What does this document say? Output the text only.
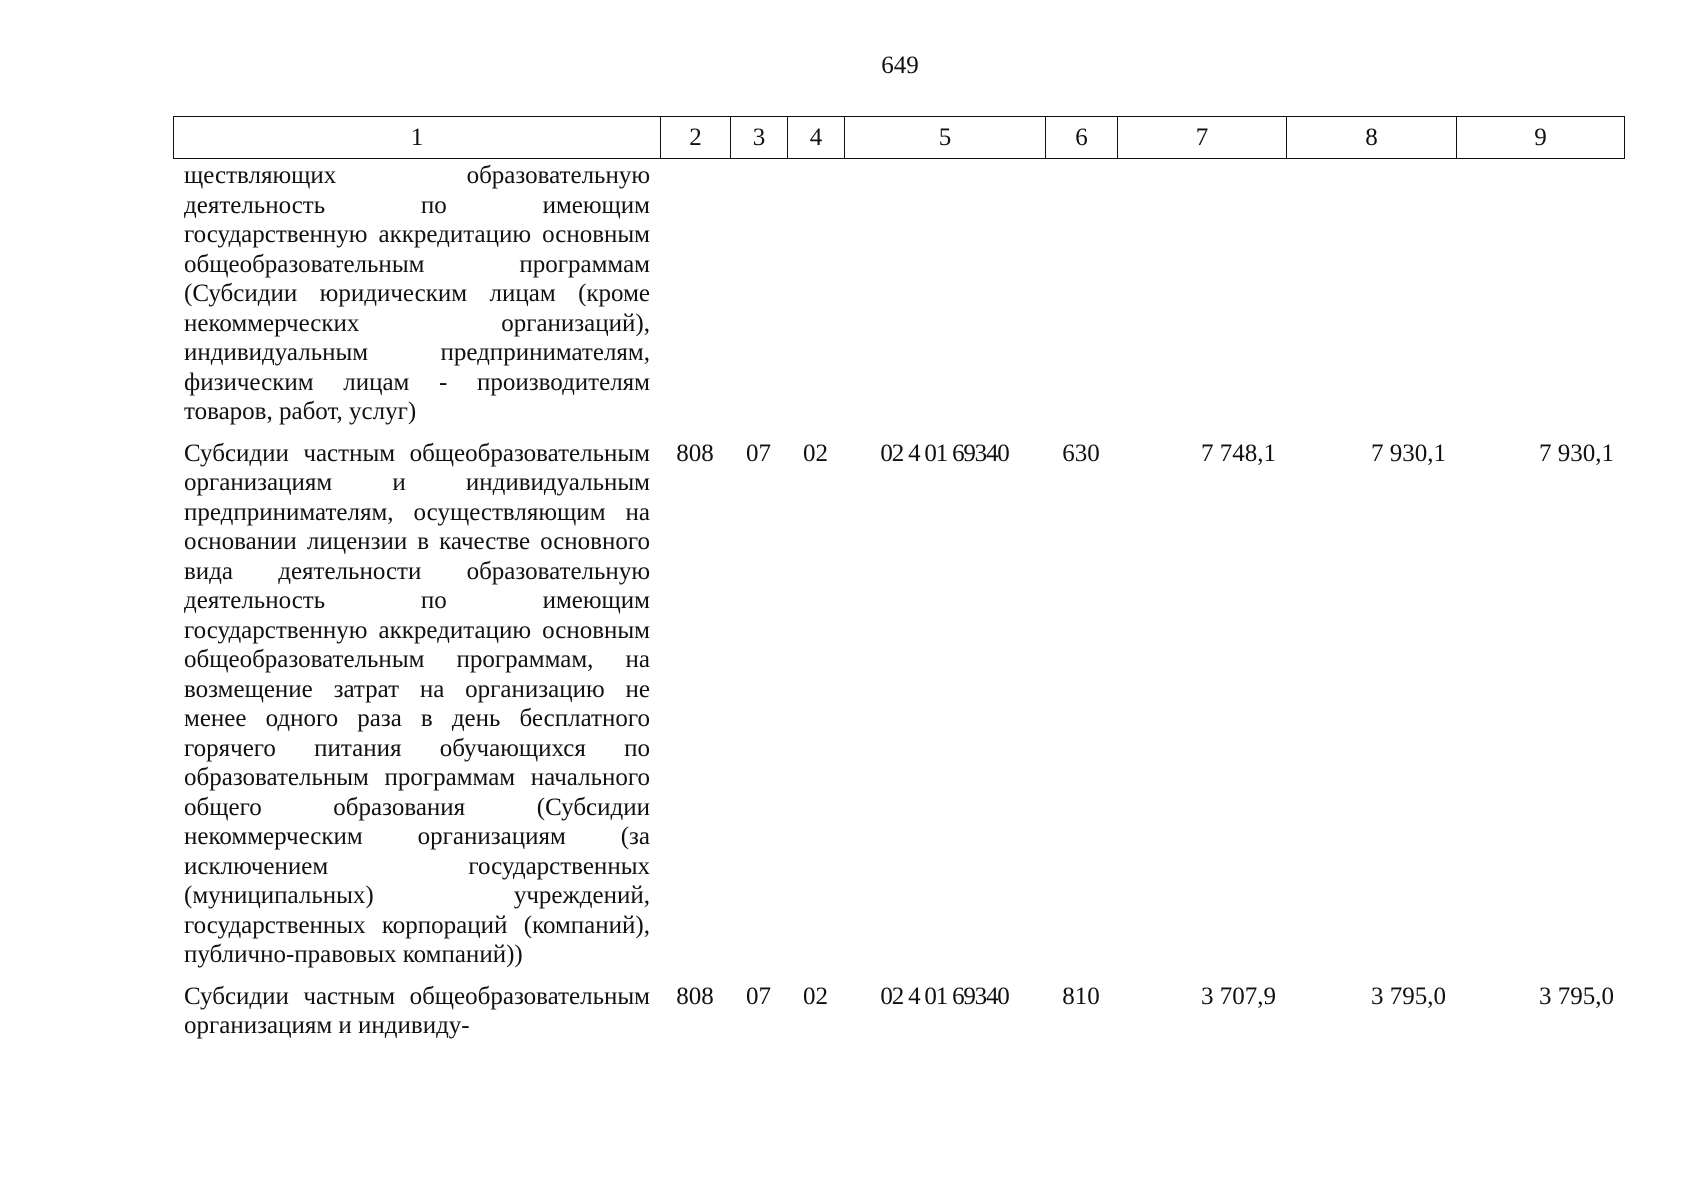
649
1	2	3	4	5	6	7	8	9
ществляющих образовательную деятельность по имеющим государственную аккредитацию основным общеобразовательным программам (Субсидии юридическим лицам (кроме некоммерческих организаций), индивидуальным предпринимателям, физическим лицам - производителям товаров, работ, услуг)								
Субсидии частным общеобразовательным организациям и индивидуальным предпринимателям, осуществляющим на основании лицензии в качестве основного вида деятельности образовательную деятельность по имеющим государственную аккредитацию основным общеобразовательным программам, на возмещение затрат на организацию не менее одного раза в день бесплатного горячего питания обучающихся по образовательным программам начального общего образования (Субсидии некоммерческим организациям (за исключением государственных (муниципальных) учреждений, государственных корпораций (компаний), публично-правовых компаний))	808	07	02	02 4 01 69340	630	7 748,1	7 930,1	7 930,1
Субсидии частным общеобразовательным организациям и индивиду-	808	07	02	02 4 01 69340	810	3 707,9	3 795,0	3 795,0
